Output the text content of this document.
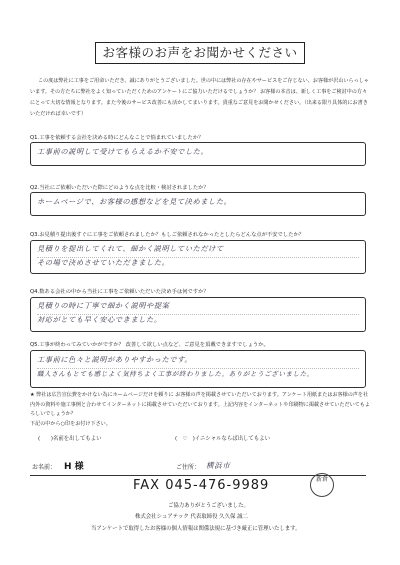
お客様のお声をお聞かせください
この度は弊社に工事をご用命いただき、誠にありがとうございました。世の中には弊社の存在やサービスをご存じない、お客様が沢山いらっしゃいます。その方たちに弊社をよく知っていただくためのアンケートにご協力いただけるでしょうか？ お客様の本音は、新しく工事をご検討中の方々にとって大切な情報となります。また今後のサービス改善にも活かしてまいります。貴重なご意見をお聞かせください。（出来る限り具体的にお書きいただければ幸いです）
Q1.工事を依頼する会社を決める時にどんなことで悩まれていましたか？
工事前の説明して受けてもらえるか不安でした。
Q2.当社にご依頼いただいた際にどのような点を比較・検討されましたか？
ホームページで、お客様の感想などを見て決めました。
Q3.お見積り提出後すぐに工事をご依頼されましたか？もしご依頼されなかったとしたらどんな点が不安でしたか？
見積りを提出してくれて、細かく説明していただけて
その場で決めさせていただきました。
Q4.数ある会社の中から当社に工事をご依頼いただいた決め手は何ですか？
見積りの時に丁寧で細かく説明や提案
対応がとても早く安心できました。
Q5.工事が終わってみていかがですか？ 改善して欲しい点など、ご意見を頂戴できますでしょうか。
工事前に色々と説明がありやすかったです。
職人さんもとても感じよく気持ちよく工事が終わりました。ありがとうございました。
★ 弊社は広告宣伝費をかけない為にホームページだけを頼りに お客様の声を掲載させていただいております。アンケート用紙またはお客様の声を社内外の資料や施工事例と合わせてインターネットに掲載させていただいております。上記内容をインターネットや印刷物に掲載させていただいてもよろしいでしょうか？
下記の中から○印をお付け下さい。
(　　)名前を出してもよい	(　♡　)イニシャルならば出してもよい
お名前： H 様	ご住所： 横浜市
FAX 045-476-9989	新倉
ご協力ありがとうございました。
株式会社シュアテック 代表取締役 久久保 誠二
当アンケートで取得したお客様の個人情報は関係法規に基づき厳正に管理いたします。
